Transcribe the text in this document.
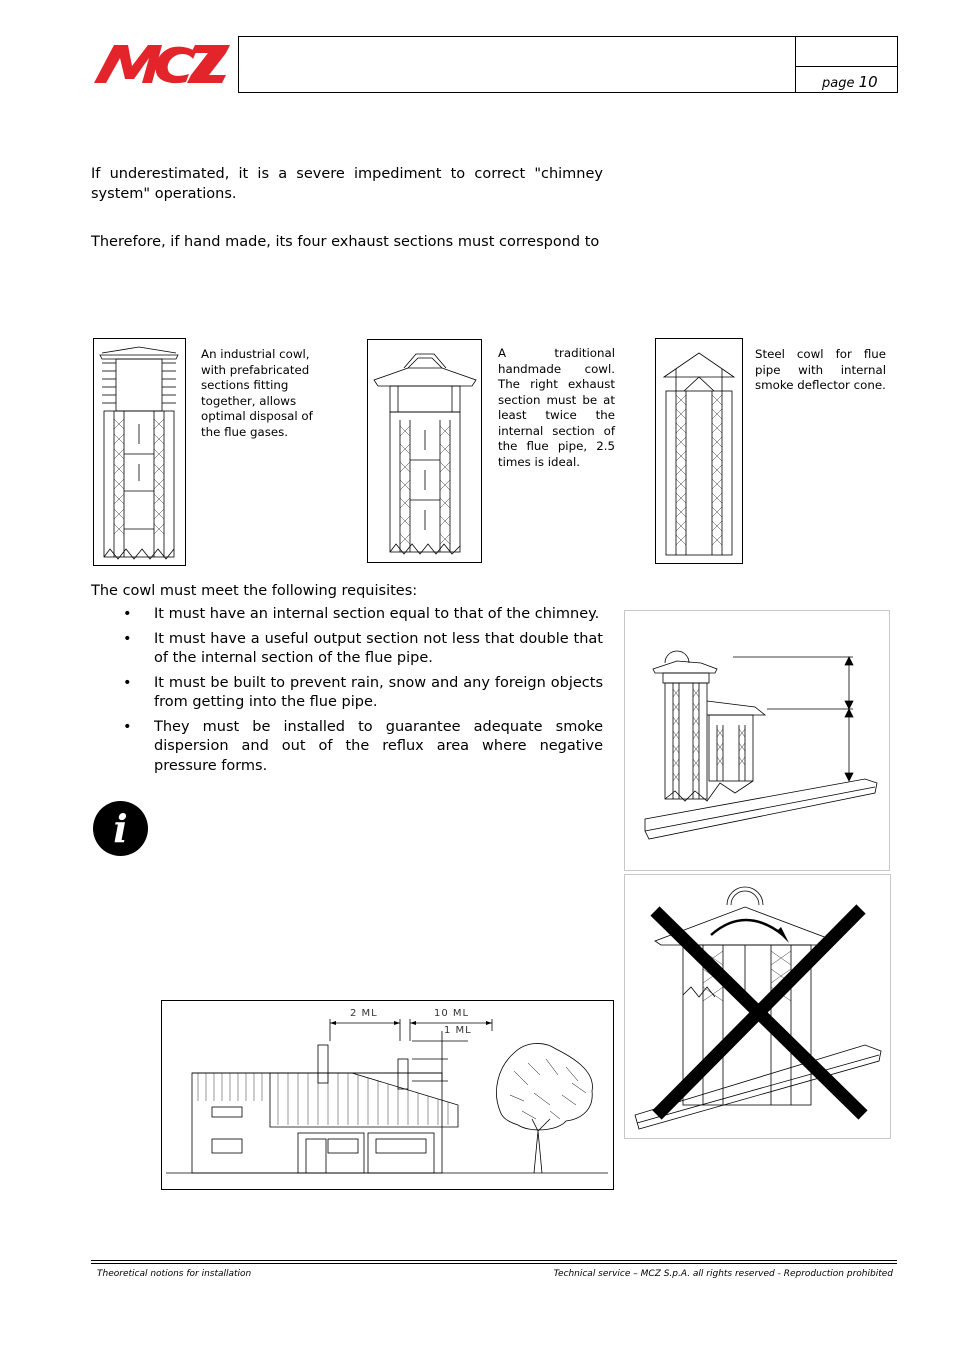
page 10
If underestimated, it is a severe impediment to correct "chimney system" operations.
Therefore, if hand made, its four exhaust sections must correspond to
An industrial cowl, with prefabricated sections fitting together, allows optimal disposal of the flue gases.
A traditional handmade cowl. The right exhaust section must be at least twice the internal section of the flue pipe, 2.5 times is ideal.
Steel cowl for flue pipe with internal smoke deflector cone.
The cowl must meet the following requisites:
• It must have an internal section equal to that of the chimney.
• It must have a useful output section not less that double that of the internal section of the flue pipe.
• It must be built to prevent rain, snow and any foreign objects from getting into the flue pipe.
• They must be installed to guarantee adequate smoke dispersion and out of the reflux area where negative pressure forms.
i
2 ML	10 ML
1 ML
Theoretical notions for installation	Technical service – MCZ S.p.A. all rights reserved - Reproduction prohibited
